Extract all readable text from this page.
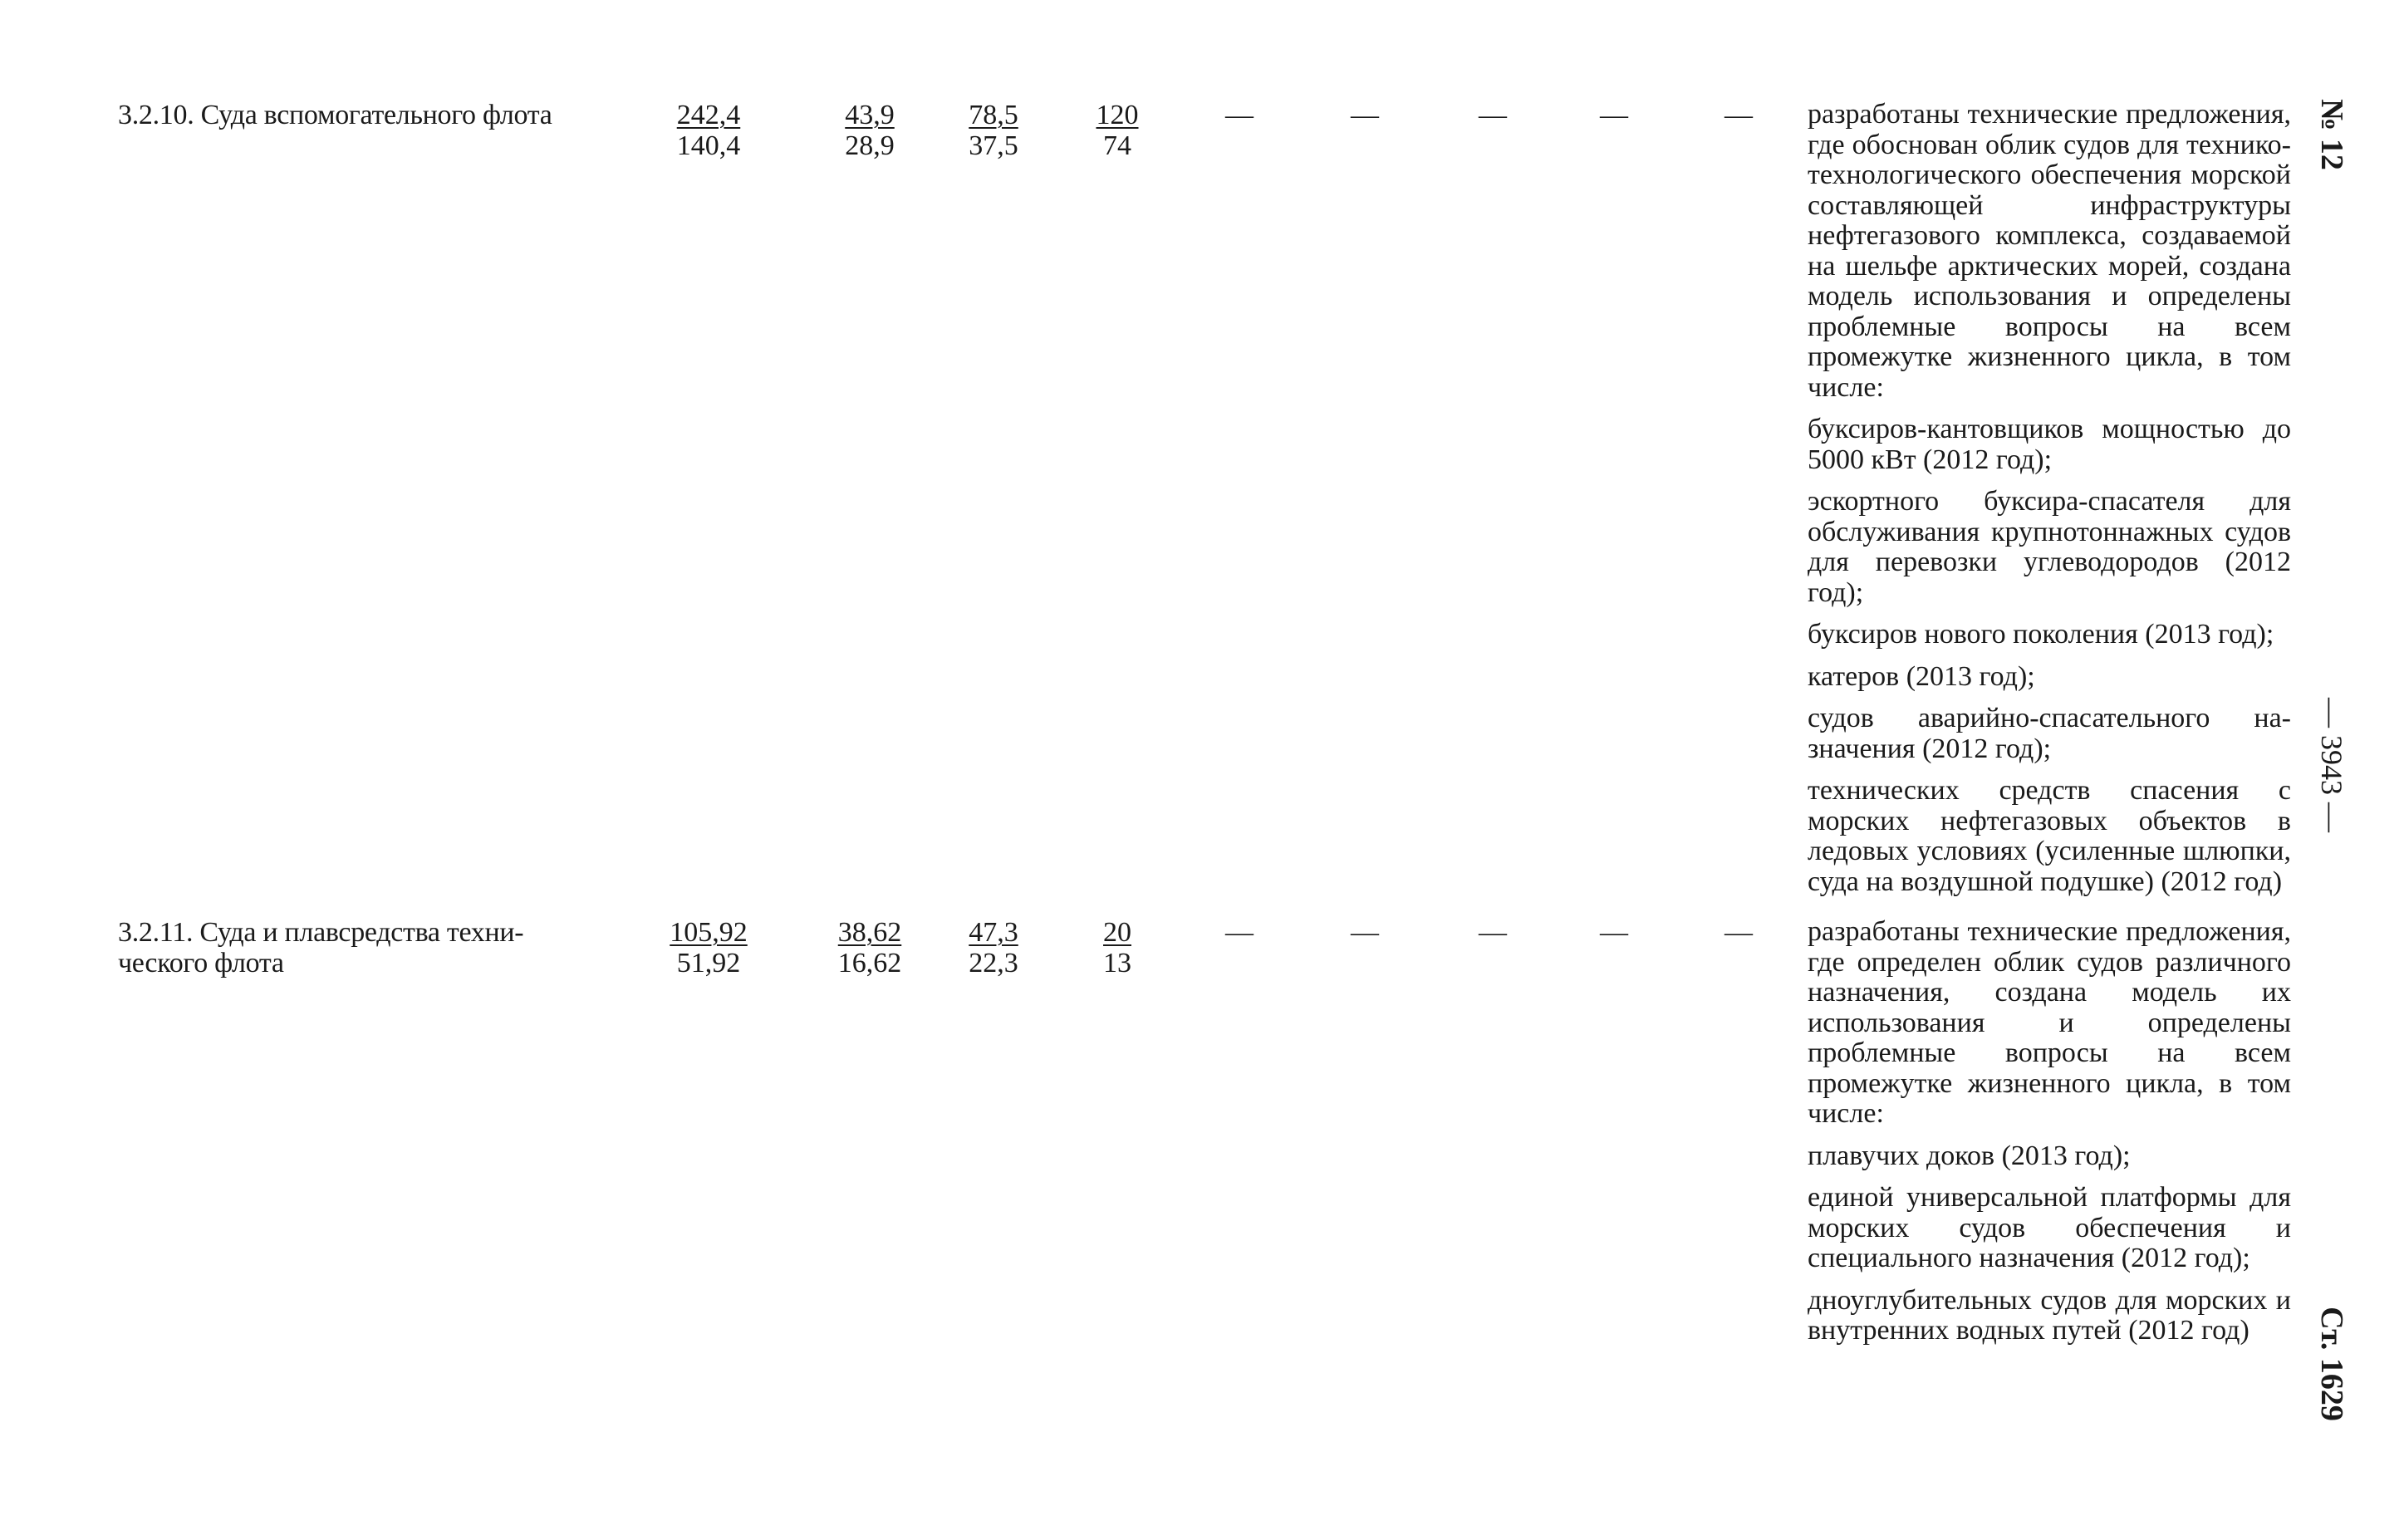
3.2.10. Суда вспомогательного флота	$\frac{242,4}{140,4} \frac{43,9}{28,9} \frac{78,5}{37,5} \frac{120}{74}$	—	—	—	—	—	разработаны технические предложения, где обоснован облик судов для технико-технологического обеспечения морской составляющей инфраструктуры нефтегазового комплекса, создаваемой на шельфе арктических морей, создана модель использования и определены проблемные вопросы на всем промежутке жизненного цикла, в том числе:

буксиров-кантовщиков мощностью до 5000 кВт (2012 год);

эскортного буксира-спасателя для обслуживания крупнотоннажных судов для перевозки углеводородов (2012 год);

буксиров нового поколения (2013 год);

катеров (2013 год);

судов аварийно-спасательного назначения (2012 год);

технических средств спасения с морских нефтегазовых объектов в ледовых условиях (усиленные шлюпки, суда на воздушной подушке) (2012 год)

3.2.11. Суда и плавсредства технического флота	$\frac{105,92}{51,92} \frac{38,62}{16,62} \frac{47,3}{22,3} \frac{20}{13}$	—	—	—	—	—	разработаны технические предложения, где определен облик судов различного назначения, создана модель их использования и определены проблемные вопросы на всем промежутке жизненного цикла, в том числе:

плавучих доков (2013 год);

единой универсальной платформы для морских судов обеспечения и специального назначения (2012 год);

дноуглубительных судов для морских и внутренних водных путей (2012 год)

№ 12
— 3943 —
Ст. 1629
